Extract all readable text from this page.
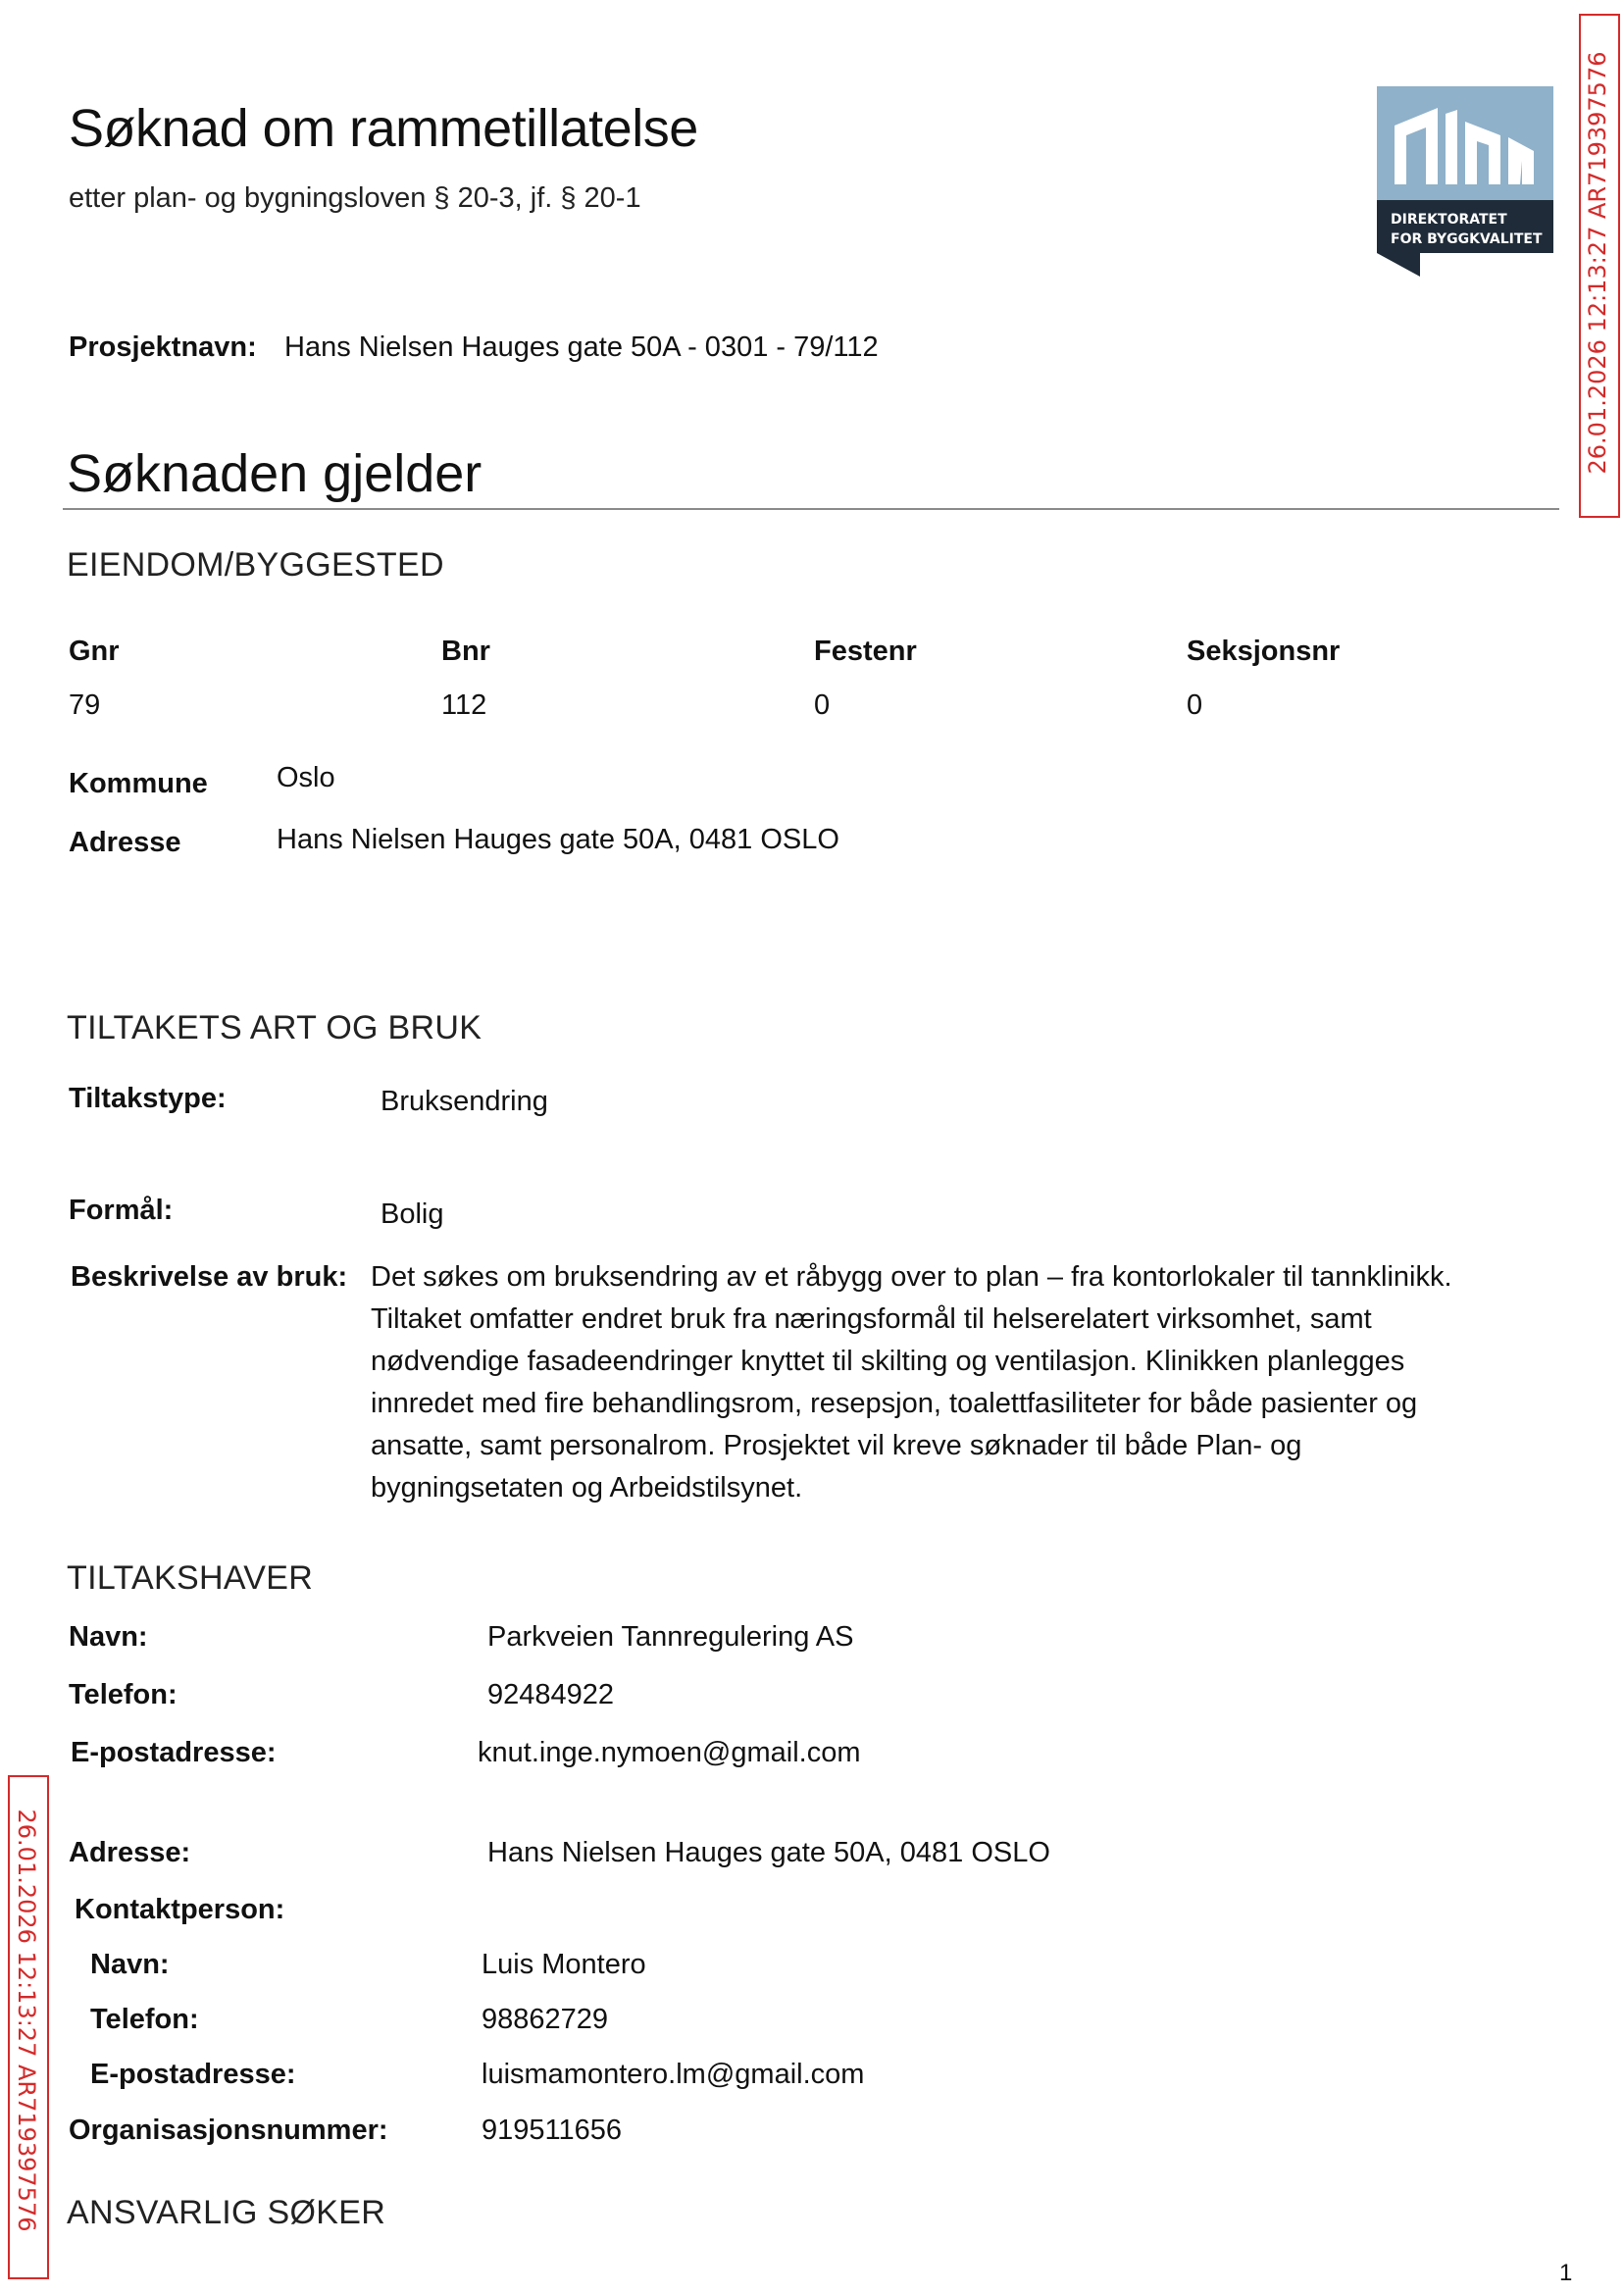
Søknad om rammetillatelse
etter plan- og bygningsloven § 20-3, jf. § 20-1
DIREKTORATET
FOR BYGGKVALITET 26.01.2026 12:13:27 AR719397576
26.01.2026 12:13:27 AR719397576
Prosjektnavn: Hans Nielsen Hauges gate 50A - 0301 - 79/112
Søknaden gjelder
EIENDOM/BYGGESTED
Gnr	Bnr	Festenr	Seksjonsnr
79	112	0	0
Kommune Oslo
Adresse	Hans Nielsen Hauges gate 50A, 0481 OSLO
TILTAKETS ART OG BRUK
Tiltakstype:	Bruksendring
Formål:	Bolig
Beskrivelse av bruk: Det søkes om bruksendring av et råbygg over to plan – fra kontorlokaler til tannklinikk.
Tiltaket omfatter endret bruk fra næringsformål til helserelatert virksomhet, samt
nødvendige fasadeendringer knyttet til skilting og ventilasjon. Klinikken planlegges
innredet med fire behandlingsrom, resepsjon, toalettfasiliteter for både pasienter og
ansatte, samt personalrom. Prosjektet vil kreve søknader til både Plan- og
bygningsetaten og Arbeidstilsynet.
TILTAKSHAVER
Navn:	Parkveien Tannregulering AS
Telefon:	92484922
E-postadresse:	knut.inge.nymoen@gmail.com
Adresse:	Hans Nielsen Hauges gate 50A, 0481 OSLO
Kontaktperson:
Navn:	Luis Montero
Telefon:	98862729
E-postadresse:	luismamontero.lm@gmail.com
Organisasjonsnummer:	919511656
ANSVARLIG SØKER
1
